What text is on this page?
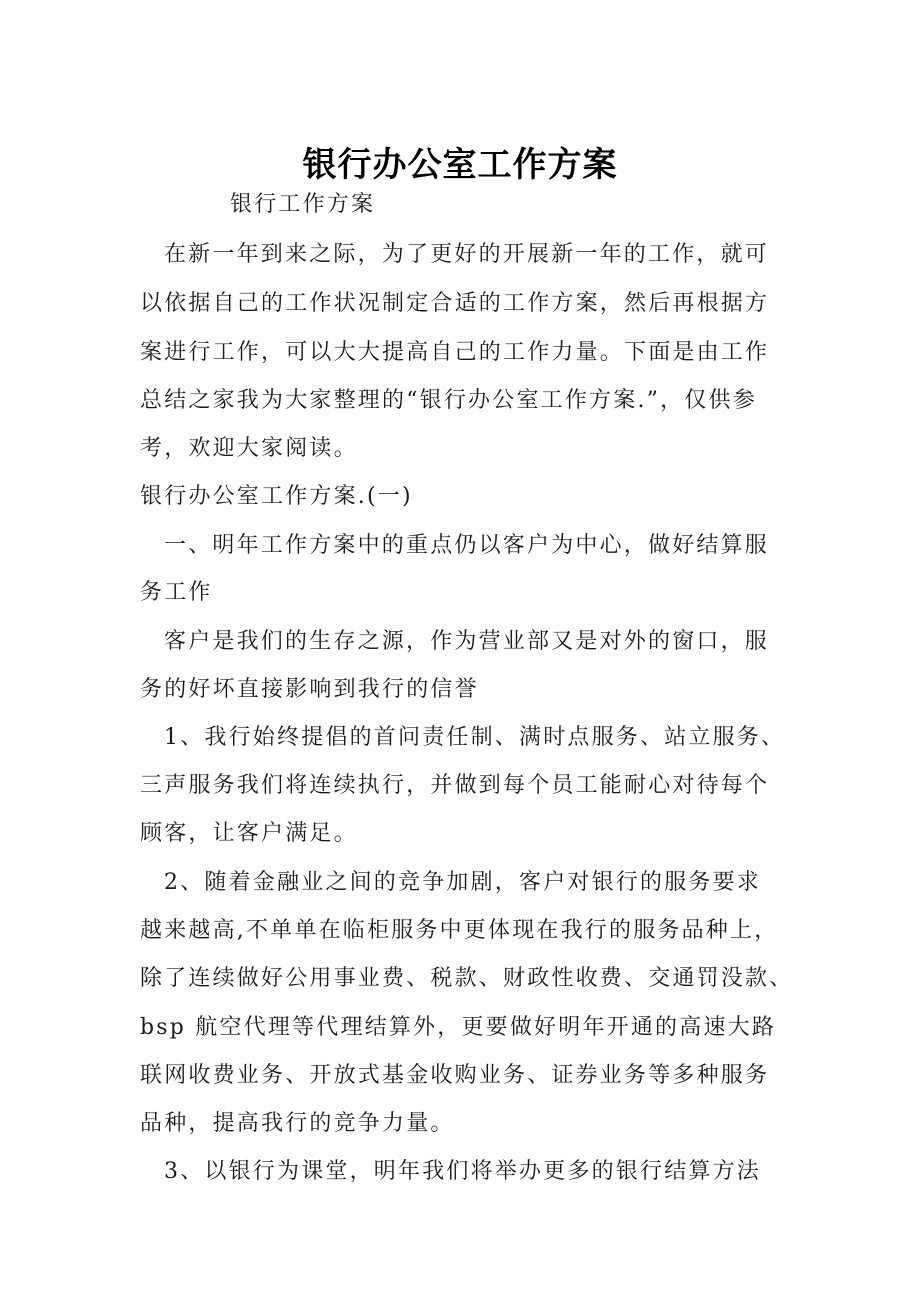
银行办公室工作方案
银行工作方案
在新一年到来之际，为了更好的开展新一年的工作，就可
以依据自己的工作状况制定合适的工作方案，然后再根据方
案进行工作，可以大大提高自己的工作力量。下面是由工作
总结之家我为大家整理的“银行办公室工作方案.”，仅供参
考，欢迎大家阅读。
银行办公室工作方案.(一)
一、明年工作方案中的重点仍以客户为中心，做好结算服
务工作
客户是我们的生存之源，作为营业部又是对外的窗口，服
务的好坏直接影响到我行的信誉
1、我行始终提倡的首问责任制、满时点服务、站立服务、
三声服务我们将连续执行，并做到每个员工能耐心对待每个
顾客，让客户满足。
2、随着金融业之间的竞争加剧，客户对银行的服务要求
越来越高,不单单在临柜服务中更体现在我行的服务品种上，
除了连续做好公用事业费、税款、财政性收费、交通罚没款、
bsp 航空代理等代理结算外，更要做好明年开通的高速大路
联网收费业务、开放式基金收购业务、证券业务等多种服务
品种，提高我行的竞争力量。
3、以银行为课堂，明年我们将举办更多的银行结算方法
